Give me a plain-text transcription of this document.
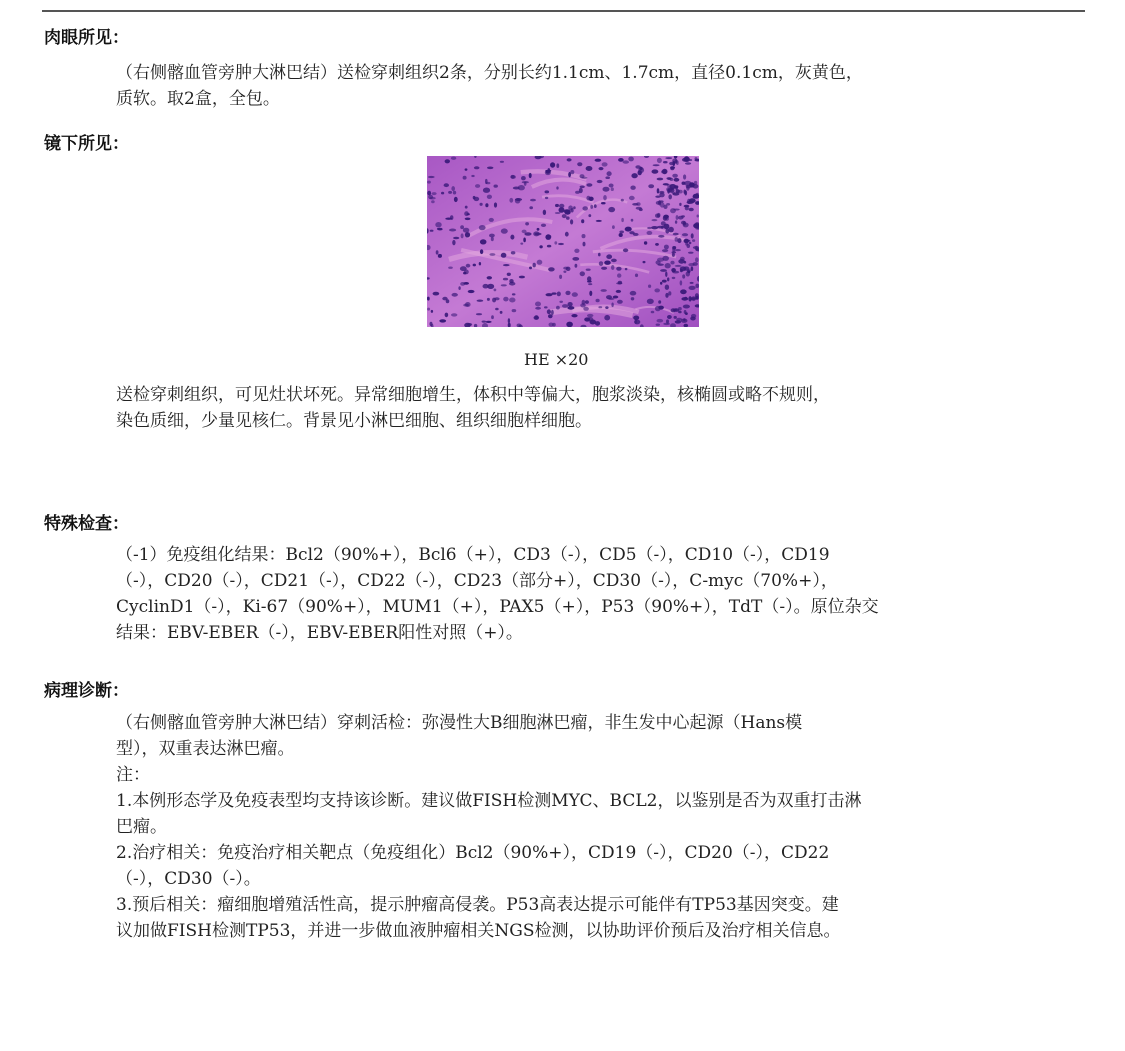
肉眼所见：
（右侧髂血管旁肿大淋巴结）送检穿刺组织2条，分别长约1.1cm、1.7cm，直径0.1cm，灰黄色，
质软。取2盒，全包。
镜下所见：
HE ×20
送检穿刺组织，可见灶状坏死。异常细胞增生，体积中等偏大，胞浆淡染，核椭圆或略不规则，
染色质细，少量见核仁。背景见小淋巴细胞、组织细胞样细胞。
特殊检查：
（-1）免疫组化结果：Bcl2（90%+），Bcl6（+），CD3（-），CD5（-），CD10（-），CD19
（-），CD20（-），CD21（-），CD22（-），CD23（部分+），CD30（-），C-myc（70%+），
CyclinD1（-），Ki-67（90%+），MUM1（+），PAX5（+），P53（90%+），TdT（-）。原位杂交
结果：EBV-EBER（-），EBV-EBER阳性对照（+）。
病理诊断：
（右侧髂血管旁肿大淋巴结）穿刺活检：弥漫性大B细胞淋巴瘤，非生发中心起源（Hans模
型），双重表达淋巴瘤。
注：
1.本例形态学及免疫表型均支持该诊断。建议做FISH检测MYC、BCL2，以鉴别是否为双重打击淋
巴瘤。
2.治疗相关：免疫治疗相关靶点（免疫组化）Bcl2（90%+），CD19（-），CD20（-），CD22
（-），CD30（-）。
3.预后相关：瘤细胞增殖活性高，提示肿瘤高侵袭。P53高表达提示可能伴有TP53基因突变。建
议加做FISH检测TP53，并进一步做血液肿瘤相关NGS检测，以协助评价预后及治疗相关信息。
